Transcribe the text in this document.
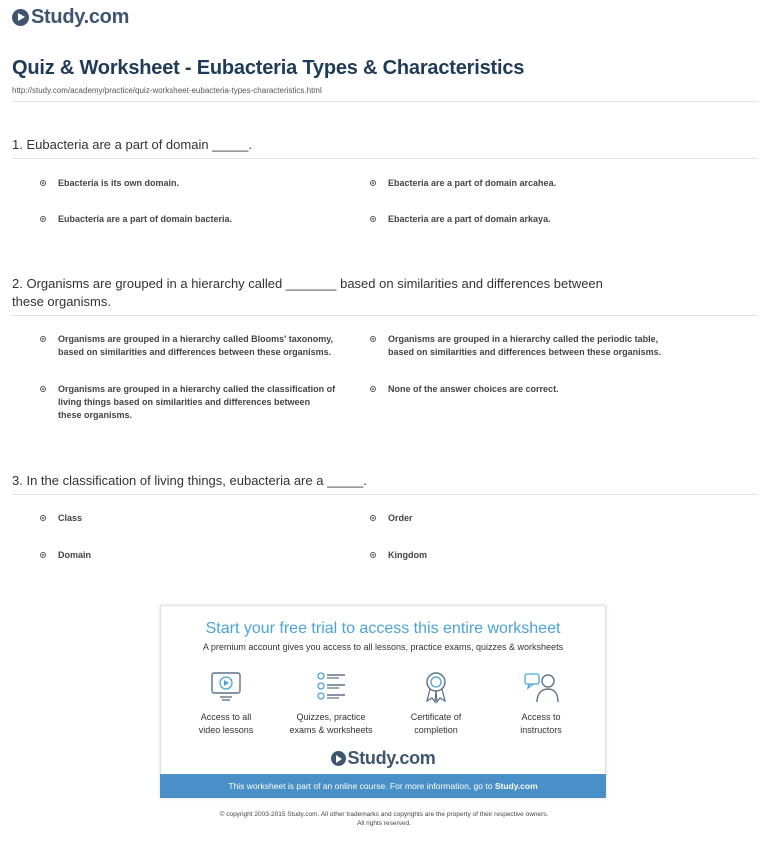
Study.com
Quiz & Worksheet - Eubacteria Types & Characteristics
http://study.com/academy/practice/quiz-worksheet-eubacteria-types-characteristics.html
1. Eubacteria are a part of domain _____.
Ebacteria is its own domain.	Ebacteria are a part of domain arcahea.
Eubacteria are a part of domain bacteria.	Ebacteria are a part of domain arkaya.
2. Organisms are grouped in a hierarchy called _______ based on similarities and differences between
these organisms.
Organisms are grouped in a hierarchy called Blooms' taxonomy,
based on similarities and differences between these organisms.
Organisms are grouped in a hierarchy called the periodic table,
based on similarities and differences between these organisms.
Organisms are grouped in a hierarchy called the classification of
living things based on similarities and differences between
these organisms.
None of the answer choices are correct.
3. In the classification of living things, eubacteria are a _____.
Class	Order
Domain	Kingdom
Start your free trial to access this entire worksheet
A premium account gives you access to all lessons, practice exams, quizzes & worksheets
Access to all
video lessons
Quizzes, practice
exams & worksheets
Certificate of
completion
Access to
instructors
Study.com
This worksheet is part of an online course. For more information, go to Study.com
© copyright 2003-2015 Study.com. All other trademarks and copyrights are the property of their respective owners.
All rights reserved.
